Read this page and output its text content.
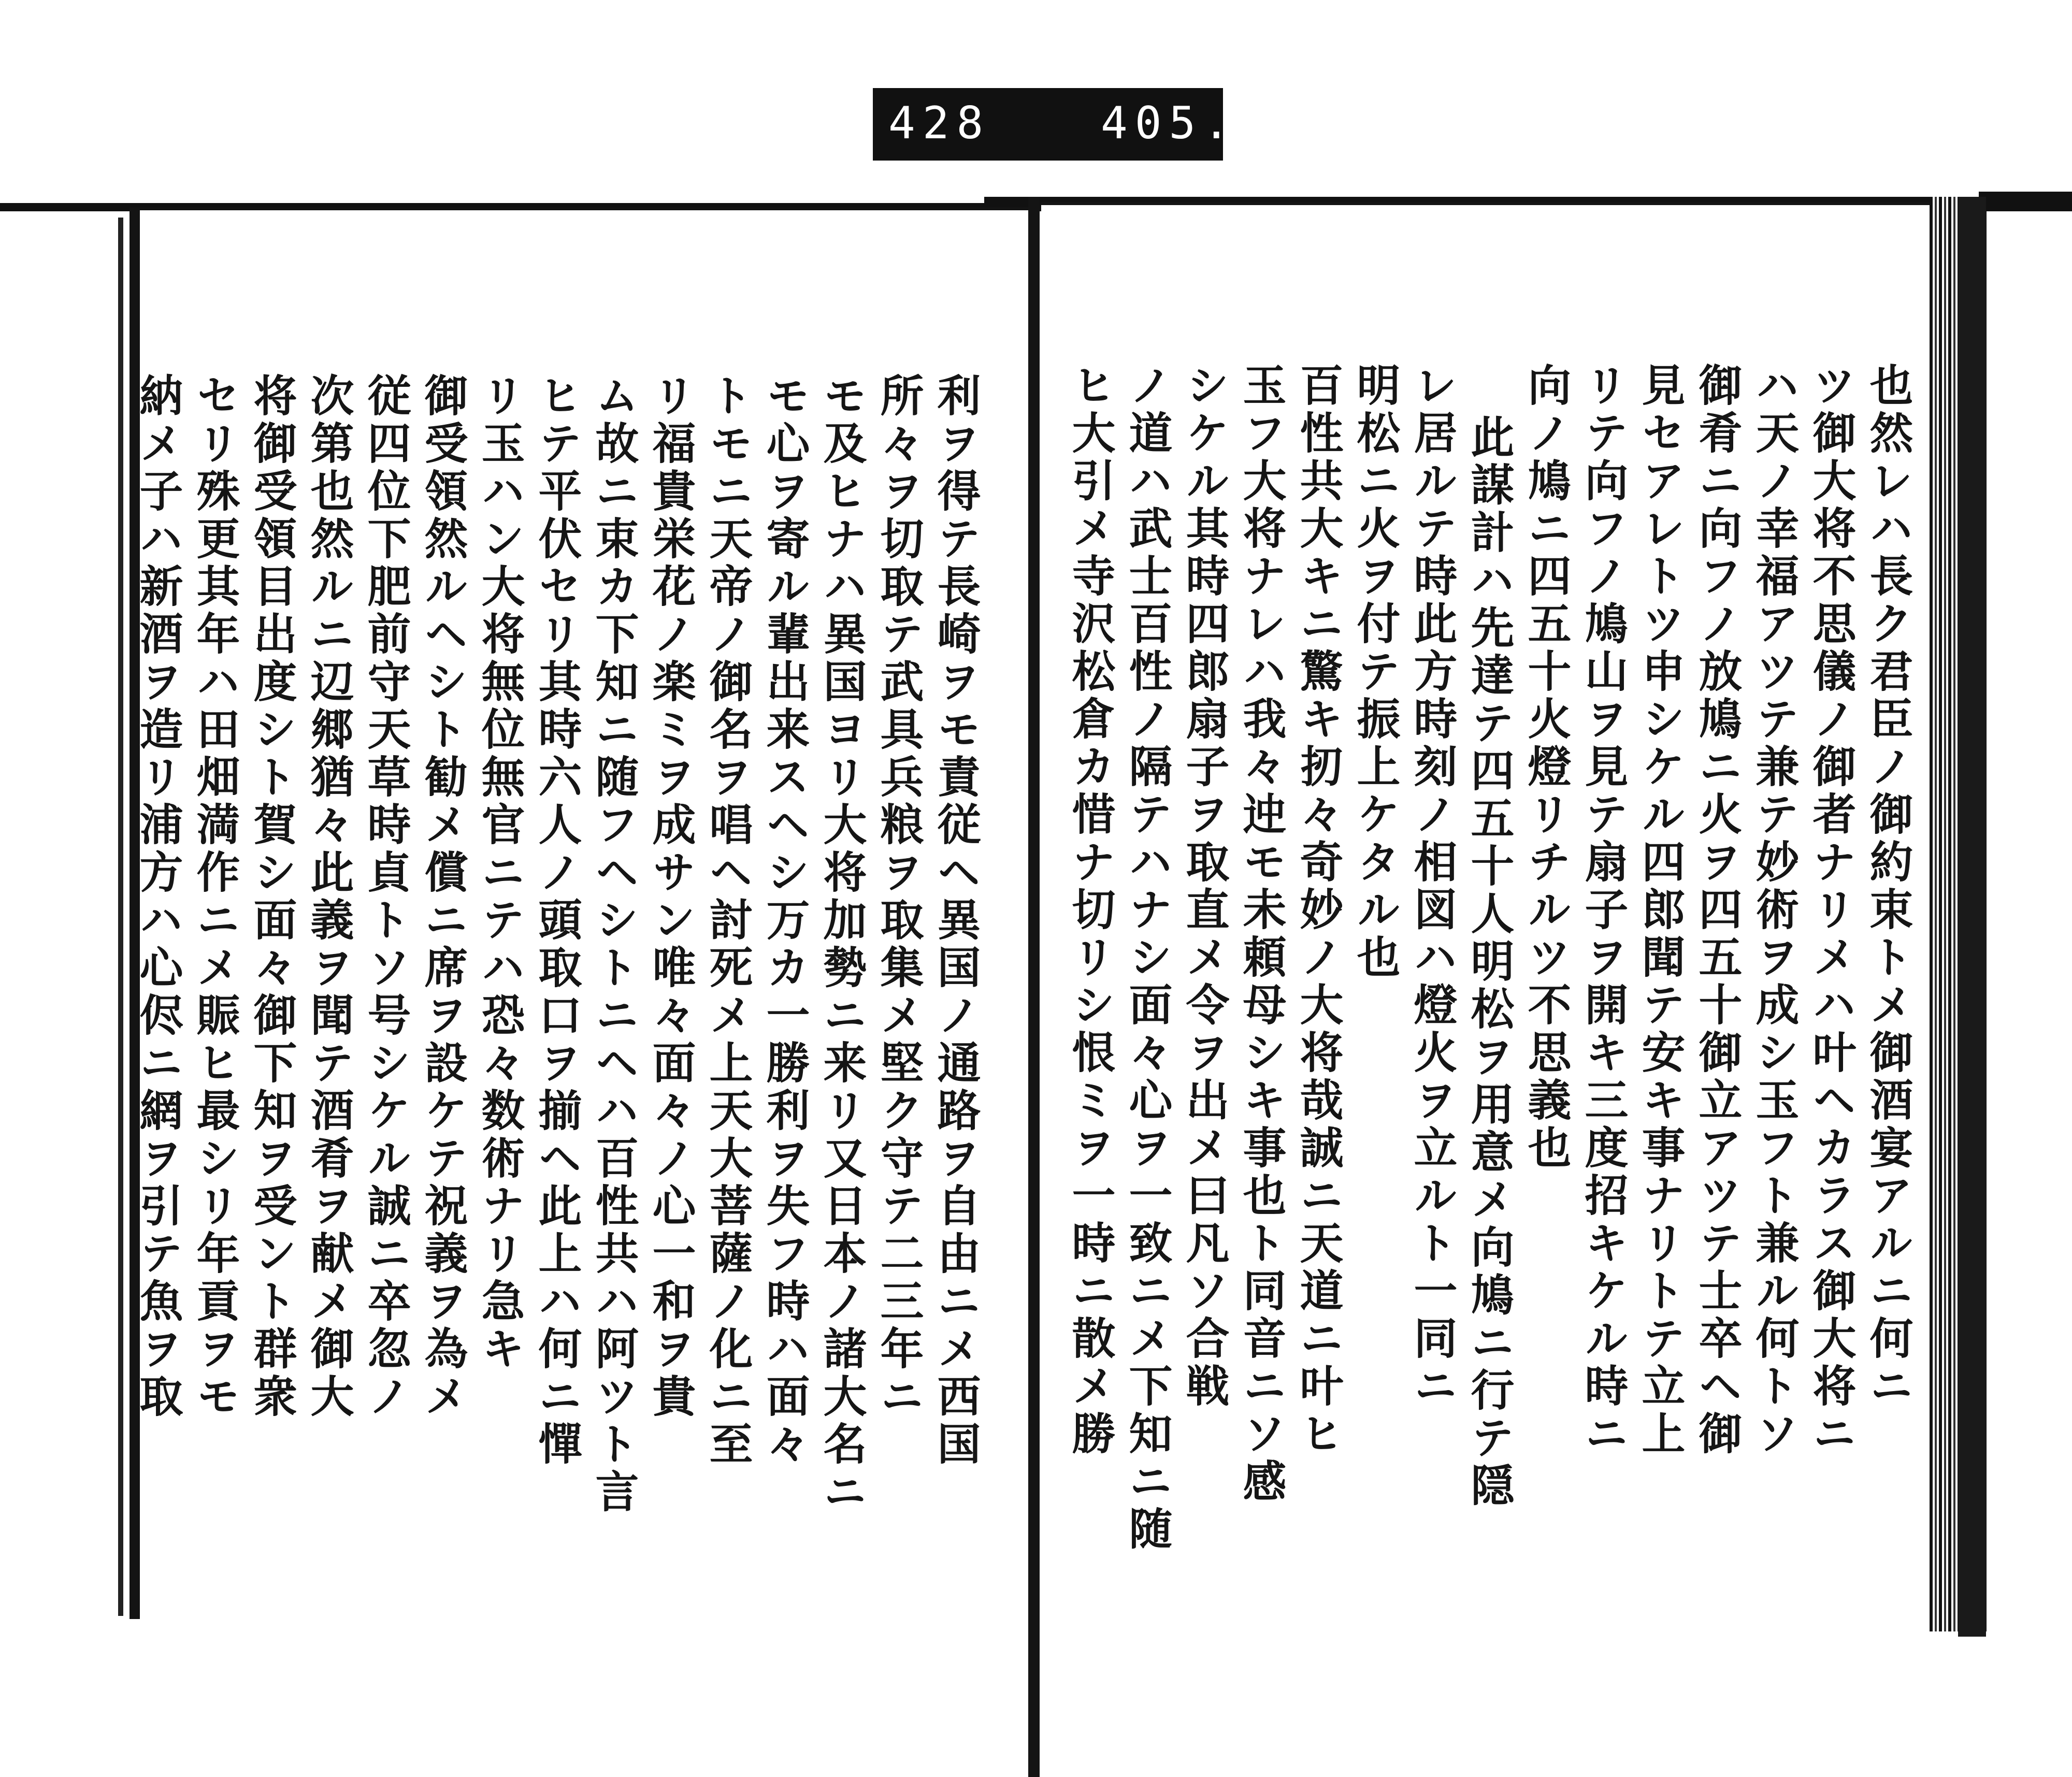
428 405.
也然レハ長ク君臣ノ御約束トメ御酒宴アルニ何ニ
ツ御大将不思儀ノ御者ナリメハ叶ヘカラス御大将ニ
ハ天ノ幸福アツテ兼テ妙術ヲ成シ玉フト兼ル何トソ
御肴ニ向フノ放鳩ニ火ヲ四五十御立アツテ士卒ヘ御
見セアレトツ申シケル四郎聞テ安キ事ナリトテ立上
リテ向フノ鳩山ヲ見テ扇子ヲ開キ三度招キケル時ニ
向ノ鳩ニ四五十火燈リチルツ不思義也
此謀計ハ先達テ四五十人明松ヲ用意メ向鳩ニ行テ隠
レ居ルテ時此方時刻ノ相図ハ燈火ヲ立ルト一同ニ
明松ニ火ヲ付テ振上ケタル也
百性共大キニ驚キ扨々奇妙ノ大将哉誠ニ天道ニ叶ヒ
玉フ大将ナレハ我々迚モ未頼母シキ事也ト同音ニソ感
シケル其時四郎扇子ヲ取直メ令ヲ出メ曰凡ソ合戦
ノ道ハ武士百性ノ隔テハナシ面々心ヲ一致ニメ下知ニ随
ヒ大引メ寺沢松倉カ惜ナ切リシ恨ミヲ一時ニ散メ勝
利ヲ得テ長崎ヲモ責従ヘ異国ノ通路ヲ自由ニメ西国
所々ヲ切取テ武具兵粮ヲ取集メ堅ク守テ二三年ニ
モ及ヒナハ異国ヨリ大将加勢ニ来リ又日本ノ諸大名ニ
モ心ヲ寄ル輩出来スヘシ万カ一勝利ヲ失フ時ハ面々
トモニ天帝ノ御名ヲ唱ヘ討死メ上天大菩薩ノ化ニ至
リ福貴栄花ノ楽ミヲ成サン唯々面々ノ心一和ヲ貴
ム故ニ束カ下知ニ随フヘシトニヘハ百性共ハ阿ツト言
ヒテ平伏セリ其時六人ノ頭取口ヲ揃ヘ此上ハ何ニ憚
リ玉ハン大将無位無官ニテハ恐々数術ナリ急キ
御受領然ルヘシト勧メ償ニ席ヲ設ケテ祝義ヲ為メ
従四位下肥前守天草時貞トソ号シケル誠ニ卒忽ノ
次第也然ルニ辺郷猶々此義ヲ聞テ酒肴ヲ献メ御大
将御受領目出度シト賀シ面々御下知ヲ受ント群衆
セリ殊更其年ハ田畑満作ニメ賑ヒ最シリ年貢ヲモ
納メ子ハ新酒ヲ造リ浦方ハ心侭ニ網ヲ引テ魚ヲ取
